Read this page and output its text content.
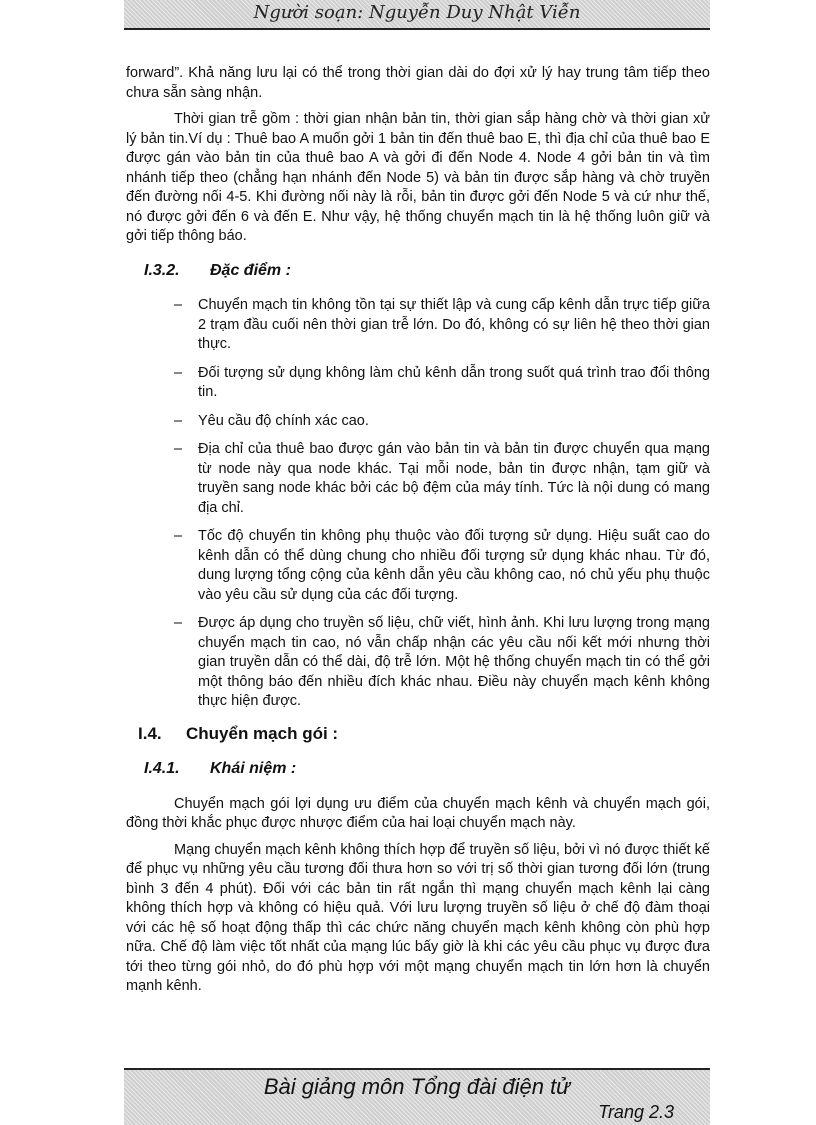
Người soạn: Nguyễn Duy Nhật Viễn

forward”. Khả năng lưu lại có thể trong thời gian dài do đợi xử lý hay trung tâm tiếp theo chưa sẵn sàng nhận.

Thời gian trễ gồm : thời gian nhận bản tin, thời gian sắp hàng chờ và thời gian xử lý bản tin.Ví dụ : Thuê bao A muốn gởi 1 bản tin đến thuê bao E, thì địa chỉ của thuê bao E được gán vào bản tin của thuê bao A và gởi đi đến Node 4. Node 4 gởi bản tin và tìm nhánh tiếp theo (chẳng hạn nhánh đến Node 5) và bản tin được sắp hàng và chờ truyền đến đường nối 4-5. Khi đường nối này là rỗi, bản tin được gởi đến Node 5 và cứ như thế, nó được gởi đến 6 và đến E. Như vậy, hệ thống chuyển mạch tin là hệ thống luôn giữ và gởi tiếp thông báo.

I.3.2. Đặc điểm :
– Chuyển mạch tin không tồn tại sự thiết lập và cung cấp kênh dẫn trực tiếp giữa 2 trạm đầu cuối nên thời gian trễ lớn. Do đó, không có sự liên hệ theo thời gian thực.
– Đối tượng sử dụng không làm chủ kênh dẫn trong suốt quá trình trao đổi thông tin.
– Yêu cầu độ chính xác cao.
– Địa chỉ của thuê bao được gán vào bản tin và bản tin được chuyển qua mạng từ node này qua node khác. Tại mỗi node, bản tin được nhận, tạm giữ và truyền sang node khác bởi các bộ đệm của máy tính. Tức là nội dung có mang địa chỉ.
– Tốc độ chuyển tin không phụ thuộc vào đối tượng sử dụng. Hiệu suất cao do kênh dẫn có thể dùng chung cho nhiều đối tượng sử dụng khác nhau. Từ đó, dung lượng tổng cộng của kênh dẫn yêu cầu không cao, nó chủ yếu phụ thuộc vào yêu cầu sử dụng của các đối tượng.
– Được áp dụng cho truyền số liệu, chữ viết, hình ảnh. Khi lưu lượng trong mạng chuyển mạch tin cao, nó vẫn chấp nhận các yêu cầu nối kết mới nhưng thời gian truyền dẫn có thể dài, độ trễ lớn. Một hệ thống chuyển mạch tin có thể gởi một thông báo đến nhiều đích khác nhau. Điều này chuyển mạch kênh không thực hiện được.
I.4. Chuyển mạch gói :
I.4.1. Khái niệm :

Chuyển mạch gói lợi dụng ưu điểm của chuyển mạch kênh và chuyển mạch gói, đồng thời khắc phục được nhược điểm của hai loại chuyển mạch này.

Mạng chuyển mạch kênh không thích hợp để truyền số liệu, bởi vì nó được thiết kế để phục vụ những yêu cầu tương đối thưa hơn so với trị số thời gian tương đối lớn (trung bình 3 đến 4 phút). Đối với các bản tin rất ngắn thì mạng chuyển mạch kênh lại càng không thích hợp và không có hiệu quả. Với lưu lượng truyền số liệu ở chế độ đàm thoại với các hệ số hoạt động thấp thì các chức năng chuyển mạch kênh không còn phù hợp nữa. Chế độ làm việc tốt nhất của mạng lúc bấy giờ là khi các yêu cầu phục vụ được đưa tới theo từng gói nhỏ, do đó phù hợp với một mạng chuyển mạch tin lớn hơn là chuyển mạnh kênh.

Bài giảng môn Tổng đài điện tử
Trang 2.3
